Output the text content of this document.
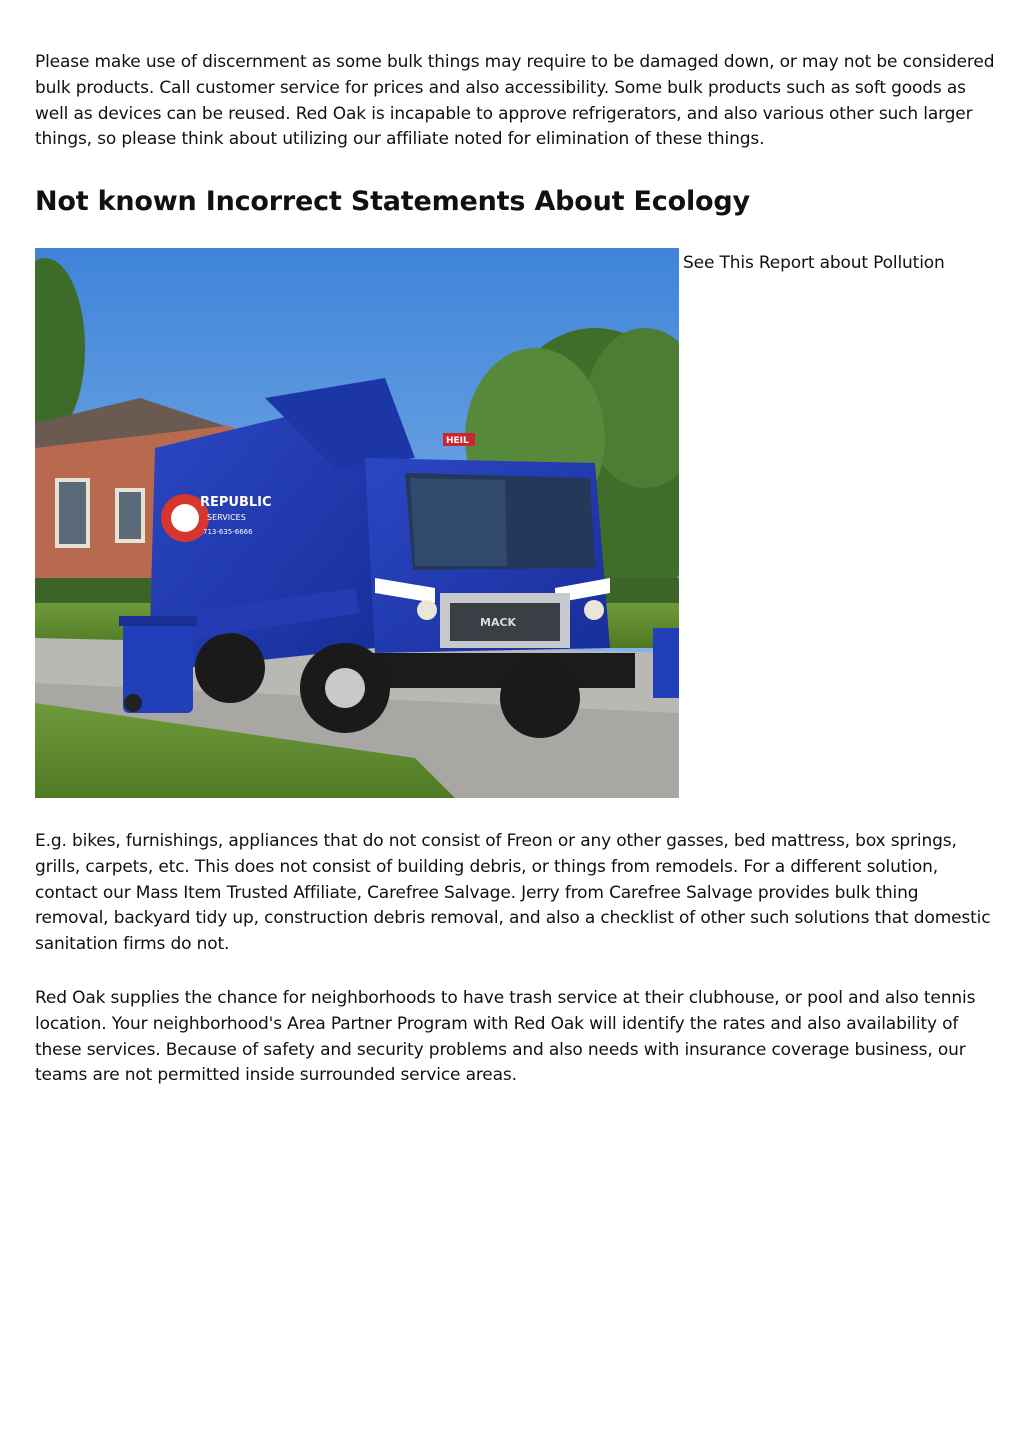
Please make use of discernment as some bulk things may require to be damaged down, or may not be considered bulk products. Call customer service for prices and also accessibility. Some bulk products such as soft goods as well as devices can be reused. Red Oak is incapable to approve refrigerators, and also various other such larger things, so please think about utilizing our affiliate noted for elimination of these things.

Not known Incorrect Statements About Ecology
REPUBLIC
SERVICES
713-635-6666
MACK
2807
HEIL
See This Report about Pollution

E.g. bikes, furnishings, appliances that do not consist of Freon or any other gasses, bed mattress, box springs, grills, carpets, etc. This does not consist of building debris, or things from remodels. For a different solution, contact our Mass Item Trusted Affiliate, Carefree Salvage. Jerry from Carefree Salvage provides bulk thing removal, backyard tidy up, construction debris removal, and also a checklist of other such solutions that domestic sanitation firms do not.

Red Oak supplies the chance for neighborhoods to have trash service at their clubhouse, or pool and also tennis location. Your neighborhood's Area Partner Program with Red Oak will identify the rates and also availability of these services. Because of safety and security problems and also needs with insurance coverage business, our teams are not permitted inside surrounded service areas.
